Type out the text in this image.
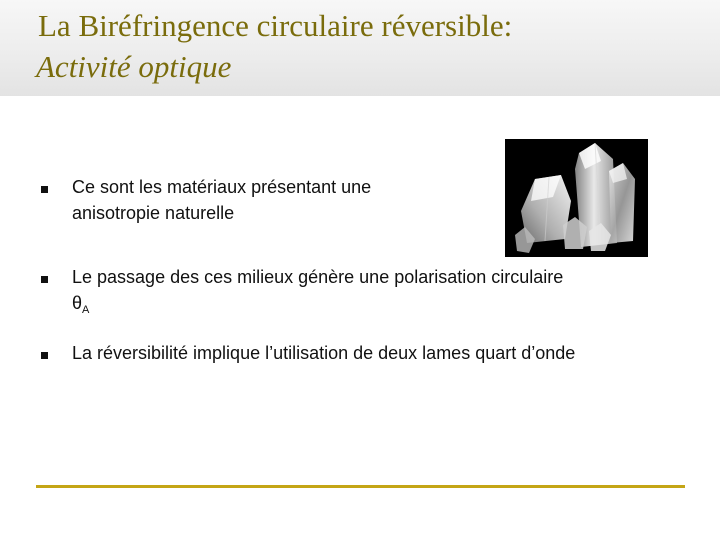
La Biréfringence circulaire réversible:
Activité optique
Ce sont les matériaux présentant une
anisotropie naturelle
Le passage des ces milieux génère une polarisation circulaire
$\theta_A$
La réversibilité implique l’utilisation de deux lames quart d’onde
